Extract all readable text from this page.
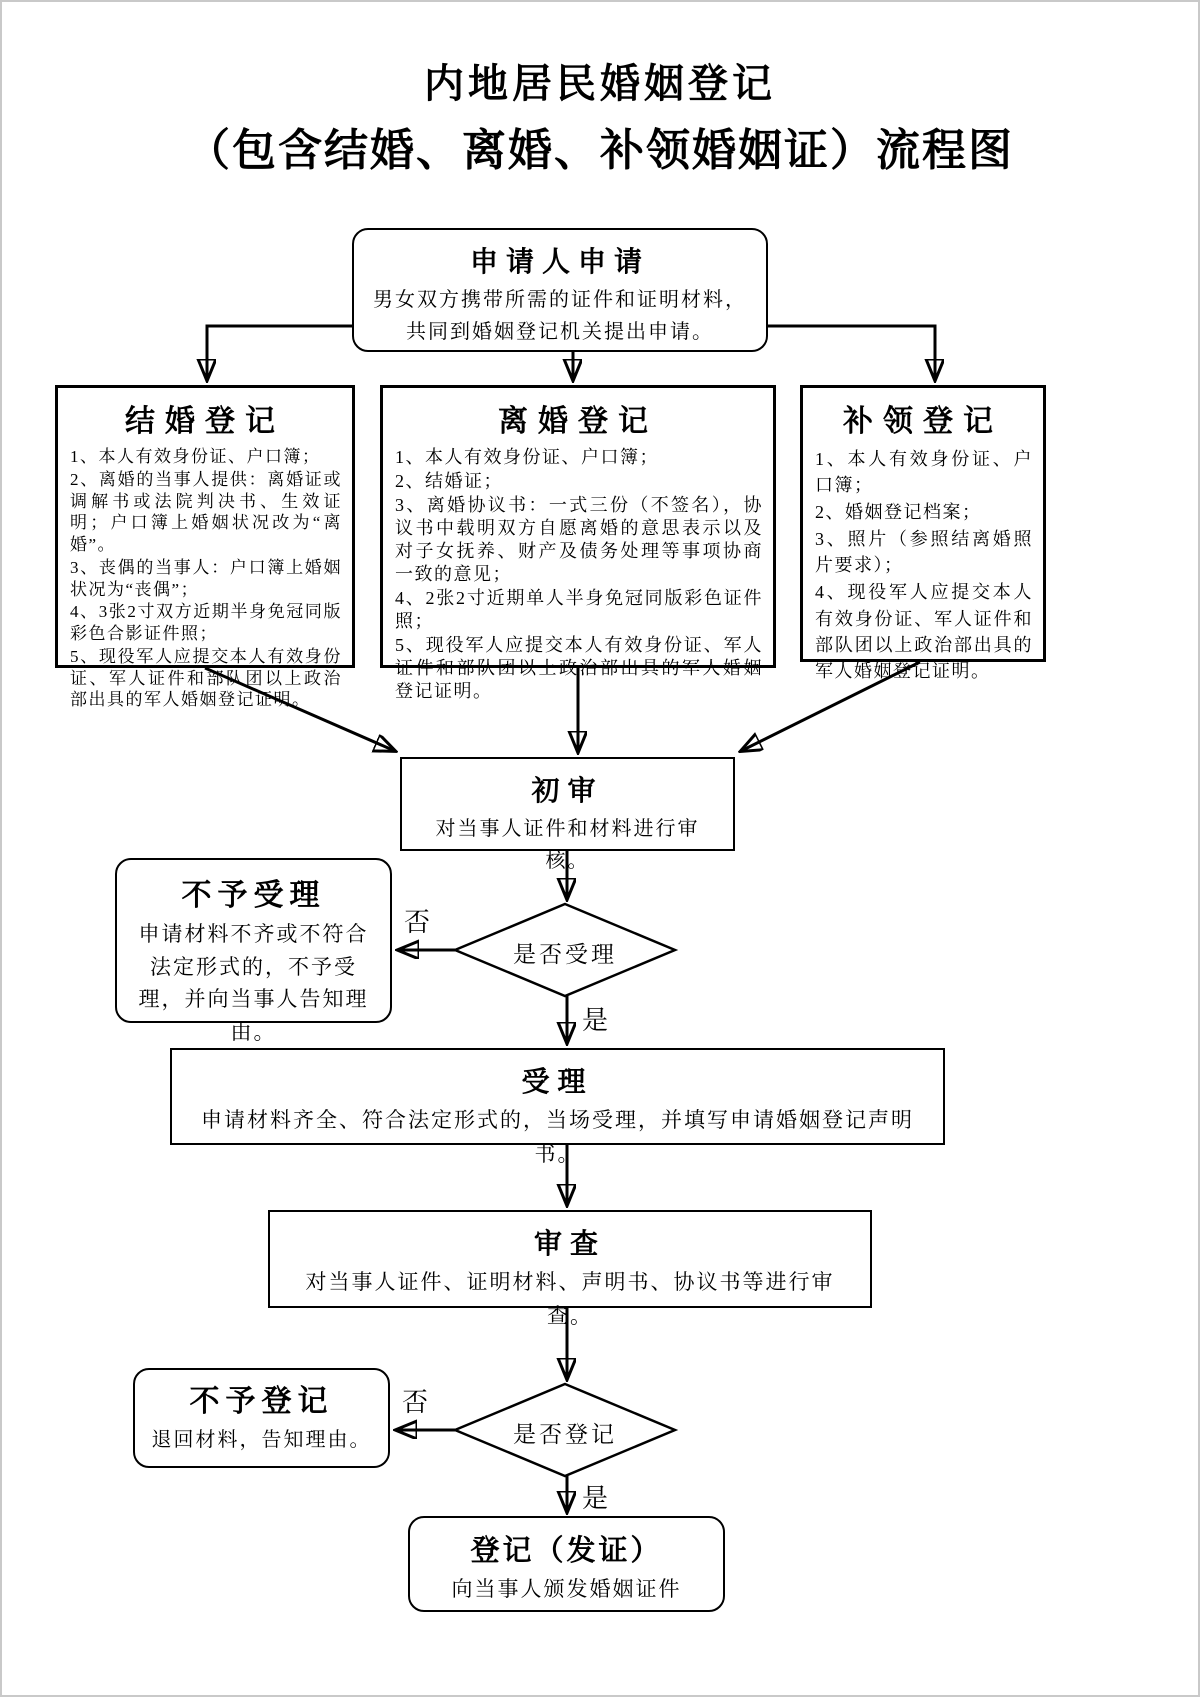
内地居民婚姻登记
（包含结婚、离婚、补领婚姻证）流程图
申请人申请
男女双方携带所需的证件和证明材料，共同到婚姻登记机关提出申请。
结婚登记
1、本人有效身份证、户口簿；
2、离婚的当事人提供：离婚证或调解书或法院判决书、生效证明；户口簿上婚姻状况改为“离婚”。
3、丧偶的当事人：户口簿上婚姻状况为“丧偶”；
4、3张2寸双方近期半身免冠同版彩色合影证件照；
5、现役军人应提交本人有效身份证、军人证件和部队团以上政治部出具的军人婚姻登记证明。
离婚登记
1、本人有效身份证、户口簿；
2、结婚证；
3、离婚协议书：一式三份（不签名），协议书中载明双方自愿离婚的意思表示以及对子女抚养、财产及债务处理等事项协商一致的意见；
4、2张2寸近期单人半身免冠同版彩色证件照；
5、现役军人应提交本人有效身份证、军人证件和部队团以上政治部出具的军人婚姻登记证明。
补领登记
1、本人有效身份证、户口簿；
2、婚姻登记档案；
3、照片（参照结离婚照片要求）；
4、现役军人应提交本人有效身份证、军人证件和部队团以上政治部出具的军人婚姻登记证明。
初审
对当事人证件和材料进行审核。
不予受理
申请材料不齐或不符合法定形式的，不予受理，并向当事人告知理由。
是否受理
否
是
受理
申请材料齐全、符合法定形式的，当场受理，并填写申请婚姻登记声明书。
审查
对当事人证件、证明材料、声明书、协议书等进行审查。
不予登记
退回材料，告知理由。	是否登记
否
是
登记（发证）
向当事人颁发婚姻证件
